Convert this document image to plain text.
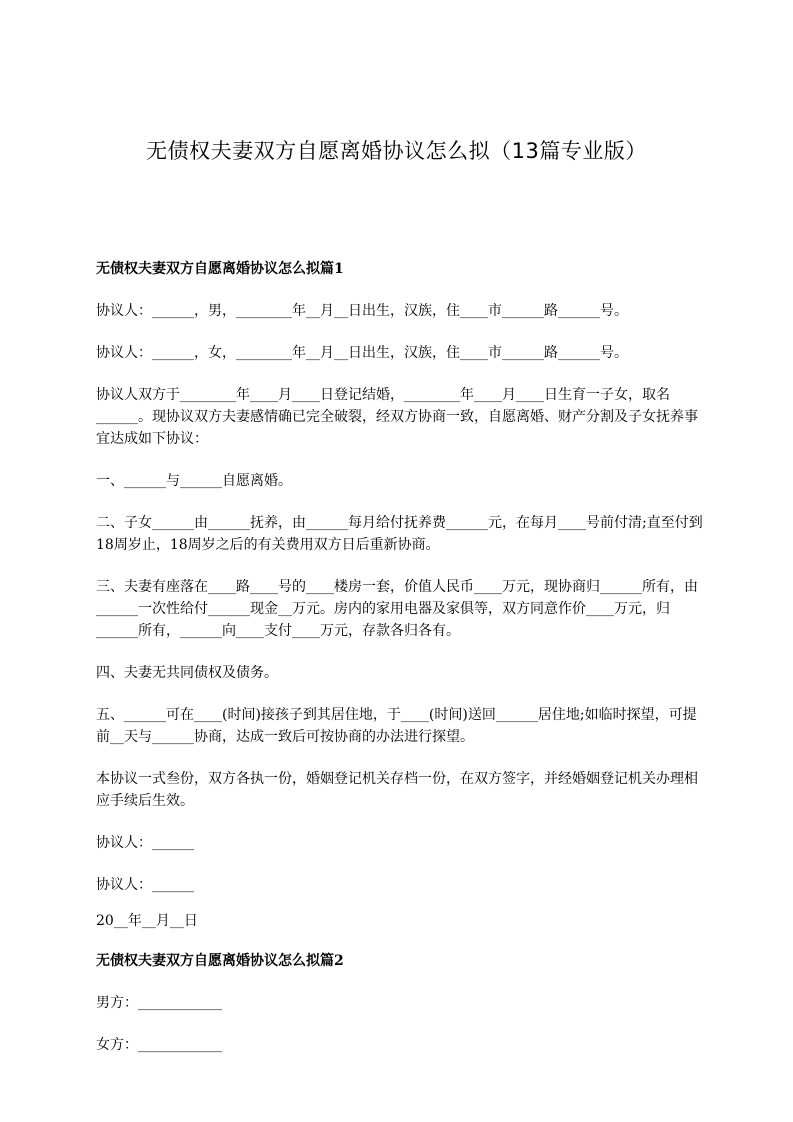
无债权夫妻双方自愿离婚协议怎么拟（13篇专业版）

无债权夫妻双方自愿离婚协议怎么拟篇1

协议人：______，男，________年__月__日出生，汉族，住____市______路______号。

协议人：______，女，________年__月__日出生，汉族，住____市______路______号。

协议人双方于________年____月____日登记结婚，________年____月____日生育一子女，取名______。现协议双方夫妻感情确已完全破裂，经双方协商一致，自愿离婚、财产分割及子女抚养事宜达成如下协议：

一、______与______自愿离婚。

二、子女______由______抚养，由______每月给付抚养费______元，在每月____号前付清;直至付到18周岁止，18周岁之后的有关费用双方日后重新协商。

三、夫妻有座落在____路____号的____楼房一套，价值人民币____万元，现协商归______所有，由______一次性给付______现金__万元。房内的家用电器及家俱等，双方同意作价____万元，归______所有，______向____支付____万元，存款各归各有。

四、夫妻无共同债权及债务。

五、______可在____(时间)接孩子到其居住地，于____(时间)送回______居住地;如临时探望，可提前__天与______协商，达成一致后可按协商的办法进行探望。

本协议一式叁份，双方各执一份，婚姻登记机关存档一份，在双方签字，并经婚姻登记机关办理相应手续后生效。

协议人：______

协议人：______

20__年__月__日

无债权夫妻双方自愿离婚协议怎么拟篇2

男方：____________

女方：____________
